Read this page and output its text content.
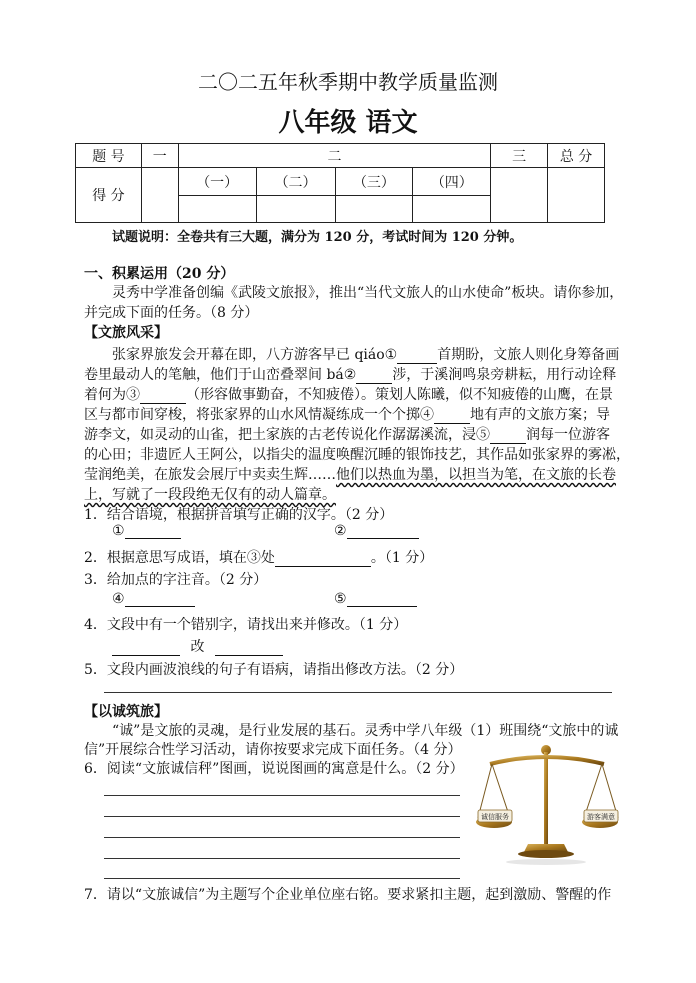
二〇二五年秋季期中教学质量监测
八年级 语文
题 号	一	二				三	总 分
得 分		（一）	（二）	（三）	（四）		

试题说明：全卷共有三大题，满分为 120 分，考试时间为 120 分钟。
一、积累运用（20 分）
灵秀中学准备创编《武陵文旅报》，推出“当代文旅人的山水使命”板块。请你参加，
并完成下面的任务。（8 分）
【文旅风采】
张家界旅发会开幕在即，八方游客早已 qiáo①	首期盼，文旅人则化身筹备画
卷里最动人的笔触，他们于山峦叠翠间 bá②	涉，于溪涧鸣泉旁耕耘，用行动诠释
着何为③	（形容做事勤奋，不知疲倦）。策划人陈曦，似不知疲倦的山鹰，在景
区与都市间穿梭，将张家界的山水风情凝练成一个个掷④	地有声的文旅方案；导
游李文，如灵动的山雀，把土家族的古老传说化作潺潺溪流，浸⑤	润每一位游客
的心田；非遗匠人王阿公，以指尖的温度唤醒沉睡的银饰技艺，其作品如张家界的雾凇，
莹润绝美，在旅发会展厅中卖卖生辉……他们以热血为墨，以担当为笔，在文旅的长卷
上，写就了一段段绝无仅有的动人篇章。
1．结合语境，根据拼音填写正确的汉字。（2 分）
①	②
2．根据意思写成语，填在③处	。（1 分）
3．给加点的字注音。（2 分）
④	⑤
4．文段中有一个错别字，请找出来并修改。（1 分）
改
5．文段内画波浪线的句子有语病，请指出修改方法。（2 分）
【以诚筑旅】
“诚”是文旅的灵魂，是行业发展的基石。灵秀中学八年级（1）班围绕“文旅中的诚
信”开展综合性学习活动，请你按要求完成下面任务。（4 分）
6．阅读“文旅诚信秤”图画，说说图画的寓意是什么。（2 分）
诚信服务	游客满意
7．请以“文旅诚信”为主题写个企业单位座右铭。要求紧扣主题，起到激励、警醒的作
